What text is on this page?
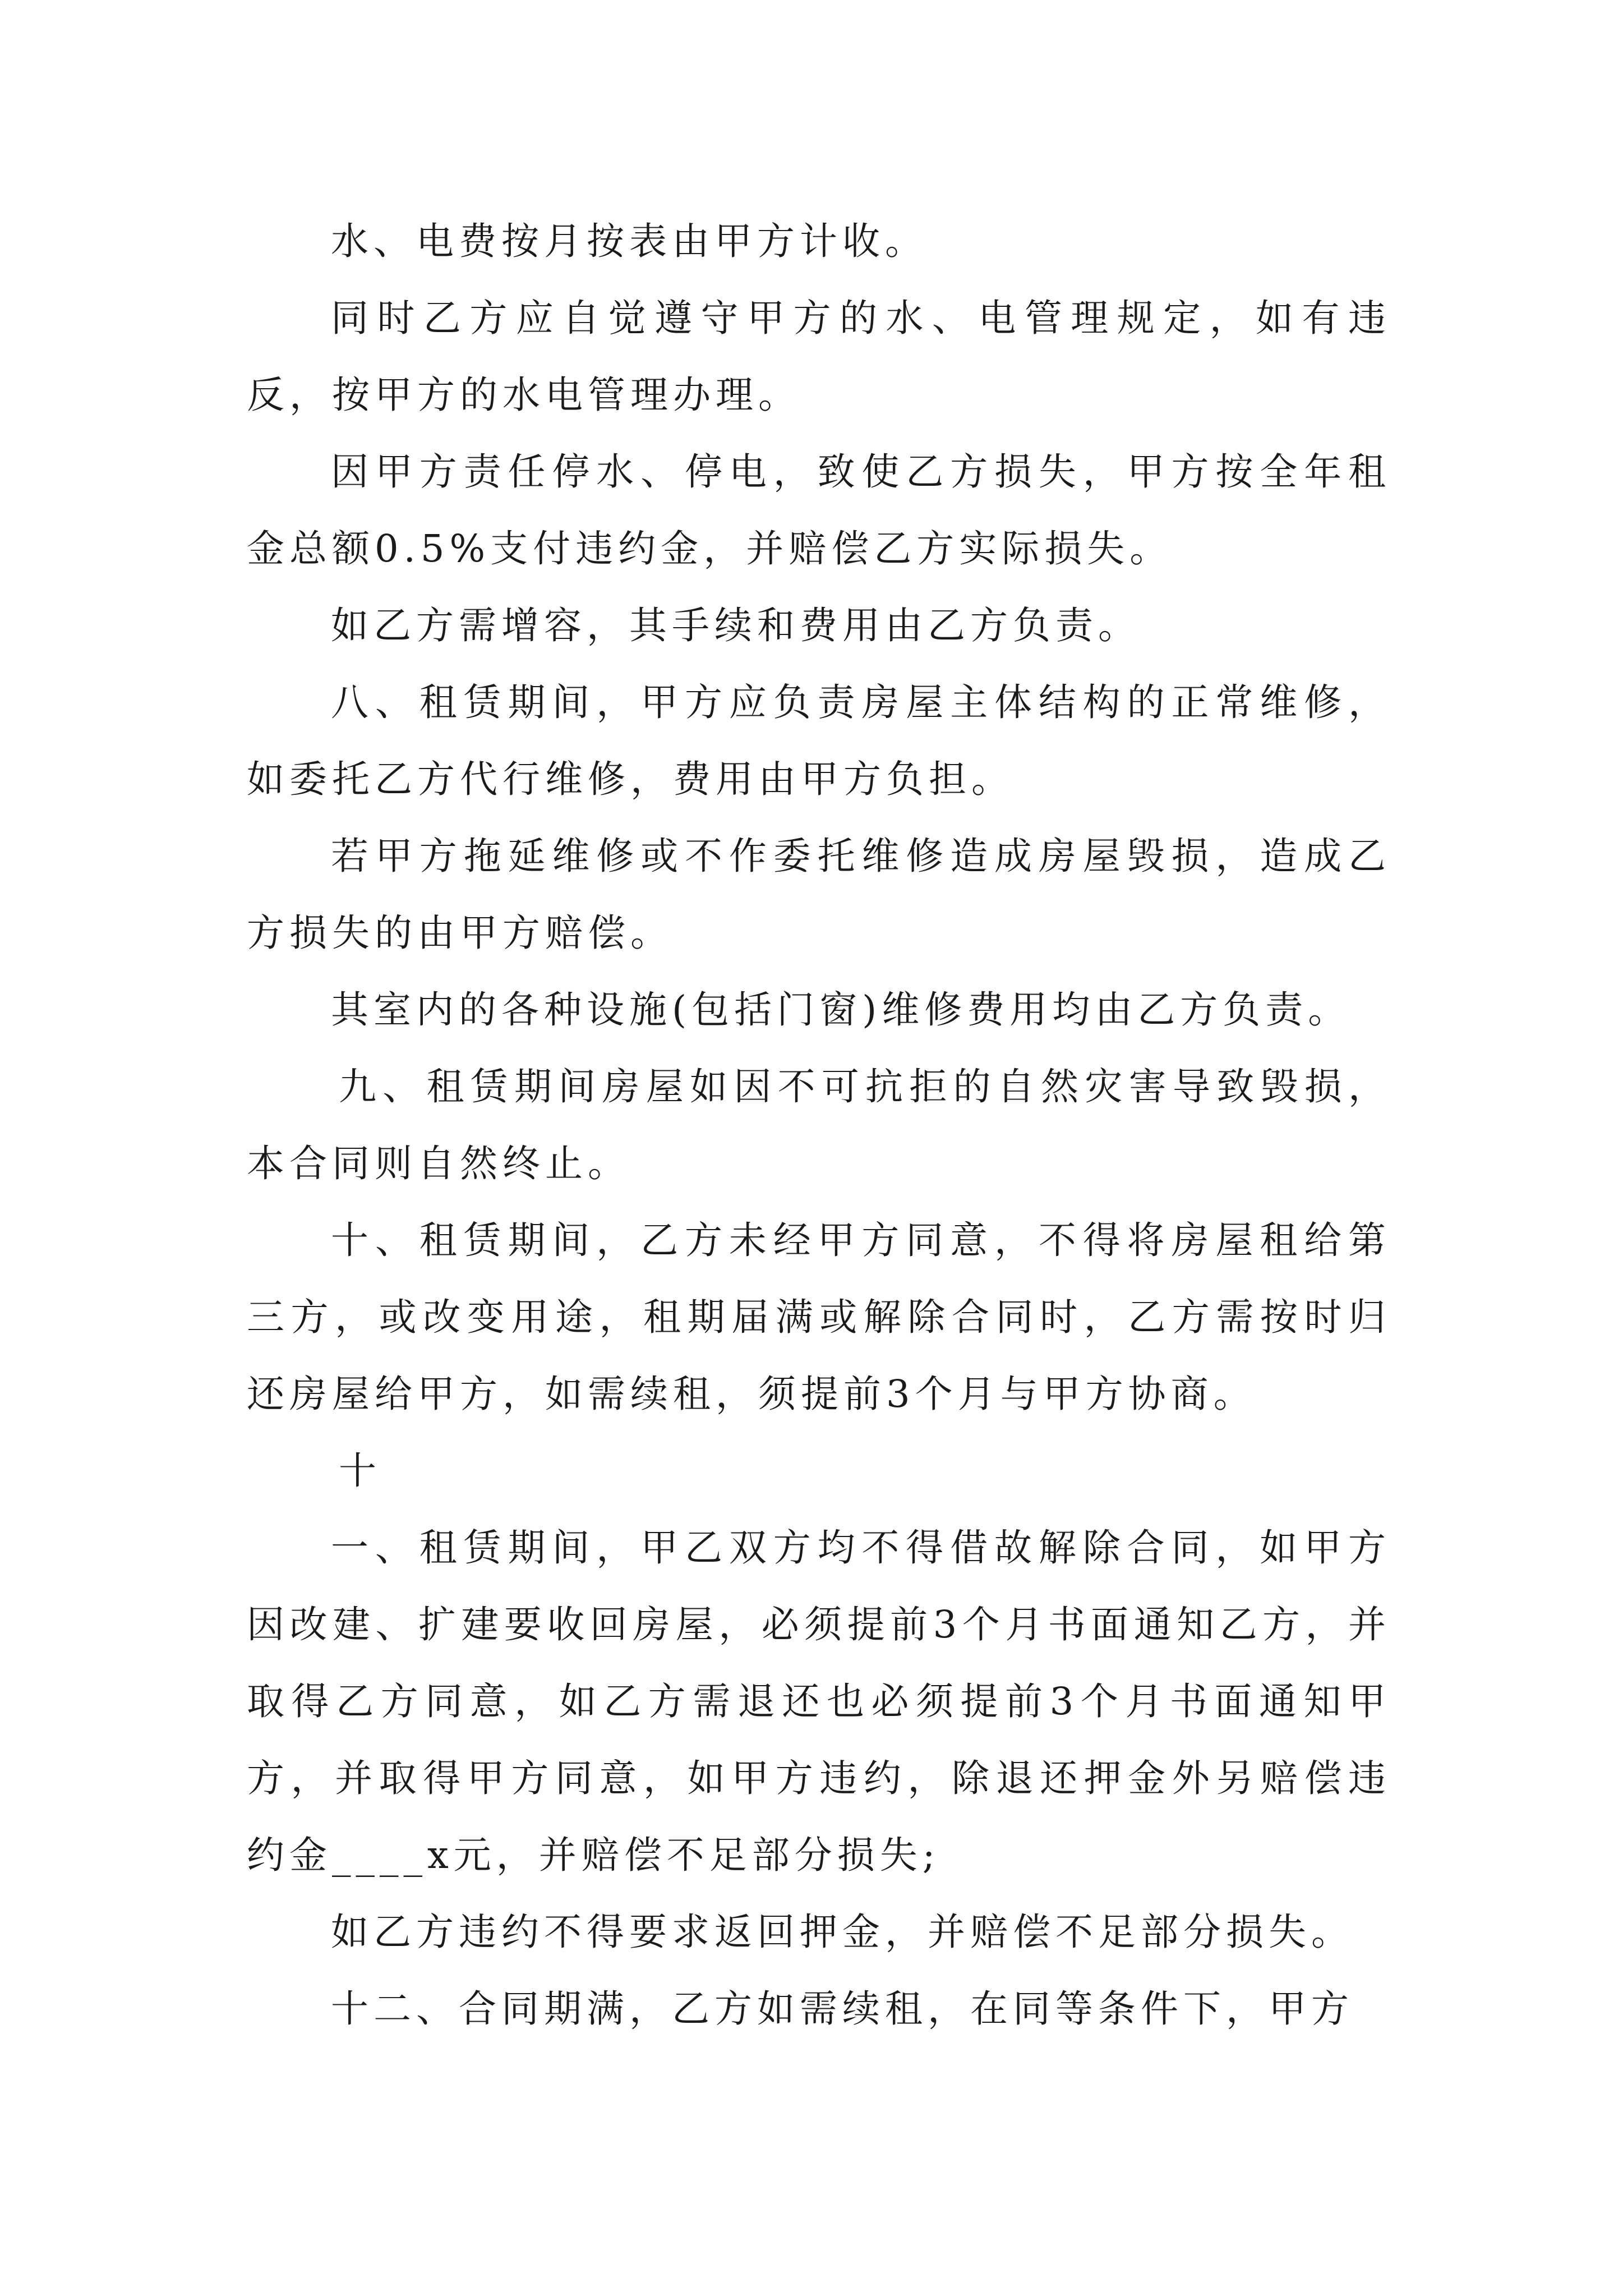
水、电费按月按表由甲方计收。

同时乙方应自觉遵守甲方的水、电管理规定，如有违反，按甲方的水电管理办理。

因甲方责任停水、停电，致使乙方损失，甲方按全年租金总额0.5%支付违约金，并赔偿乙方实际损失。

如乙方需增容，其手续和费用由乙方负责。

八、租赁期间，甲方应负责房屋主体结构的正常维修，如委托乙方代行维修，费用由甲方负担。

若甲方拖延维修或不作委托维修造成房屋毁损，造成乙方损失的由甲方赔偿。

其室内的各种设施(包括门窗)维修费用均由乙方负责。

九、租赁期间房屋如因不可抗拒的自然灾害导致毁损，本合同则自然终止。

十、租赁期间，乙方未经甲方同意，不得将房屋租给第三方，或改变用途，租期届满或解除合同时，乙方需按时归还房屋给甲方，如需续租，须提前3个月与甲方协商。

十

一、租赁期间，甲乙双方均不得借故解除合同，如甲方因改建、扩建要收回房屋，必须提前3个月书面通知乙方，并取得乙方同意，如乙方需退还也必须提前3个月书面通知甲方，并取得甲方同意，如甲方违约，除退还押金外另赔偿违约金____x元，并赔偿不足部分损失;

如乙方违约不得要求返回押金，并赔偿不足部分损失。

十二、合同期满，乙方如需续租，在同等条件下，甲方
